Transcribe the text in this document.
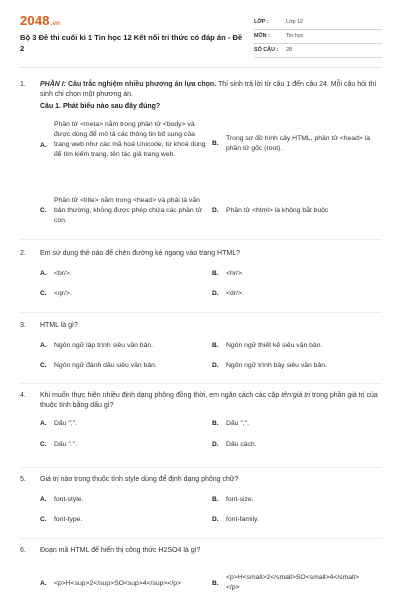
2048.vn
Bộ 3 Đề thi cuối kì 1 Tin học 12 Kết nối tri thức có đáp án - Đề 2
LỚP :	Lớp 12
MÔN :	Tin học
SỐ CÂU :	28
1.	PHẦN I: Câu trắc nghiệm nhiều phương án lựa chọn. Thí sinh trả lời từ câu 1 đến câu 24. Mỗi câu hỏi thí sinh chỉ chọn một phương án.
Câu 1. Phát biểu nào sau đây đúng?
A.
Phần tử <meta> nằm trong phần tử <body> và được dùng để mô tả các thông tin bổ sung của trang web như các mã hoá Unicode, từ khoá dùng để tìm kiếm trang, tên tác giả trang web.
B.
Trong sơ đồ hình cây HTML, phần tử <head> là phần tử gốc (root).
C.
Phần tử <title> nằm trong <head> và phải là văn bản thường, không được phép chứa các phần tử con.
D.	Phần tử <html> là không bắt buộc
2.	Em sử dụng thẻ nào để chèn đường kẻ ngang vào trang HTML?
A.	<br/>.	B.	<hr/>.
C.	<qr/>.	D.	<dr/>.
3.	HTML là gì?
A.	Ngôn ngữ lập trình siêu văn bản.	B.	Ngôn ngữ thiết kế siêu văn bản.
C.	Ngôn ngữ đánh dấu siêu văn bản.	D.	Ngôn ngữ trình bày siêu văn bản.
4.	Khi muốn thực hiện nhiều định dạng phông đồng thời, em ngăn cách các cặp tên:giá trị trong phần giá trị của thuộc tính bằng dấu gì?
A.	Dấu ";".	B.	Dấu ",".
C.	Dấu ".".	D.	Dấu cách.
5.	Giá trị nào trong thuộc tính style dùng để định dạng phông chữ?
A.	font-style.	B.	font-size.
C.	font-type.	D.	font-family.
6.	Đoạn mã HTML để hiển thị công thức H2SO4 là gì?
A.	<p>H<sup>2</sup>SO<sup>4</sup></p>	B.
<p>H<small>2</small>SO<small>4</small></p>
